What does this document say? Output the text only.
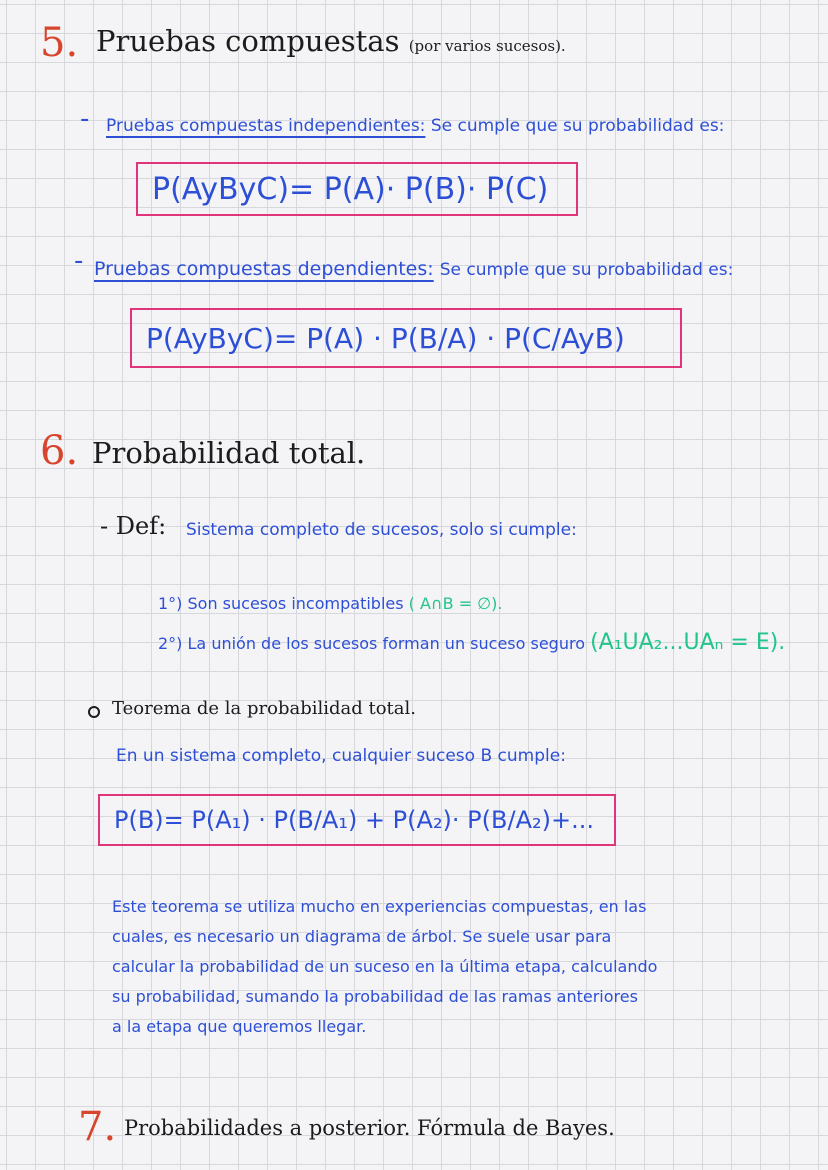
5. Pruebas compuestas (por varios sucesos).
- Pruebas compuestas independientes: Se cumple que su probabilidad es:
P(AyByC)= P(A)· P(B)· P(C)
- Pruebas compuestas dependientes: Se cumple que su probabilidad es:
P(AyByC)= P(A) · P(B/A) · P(C/AyB)
6. Probabilidad total.
- Def: Sistema completo de sucesos, solo si cumple:
1°) Son sucesos incompatibles ( A∩B = ∅).
2°) La unión de los sucesos forman un suceso seguro (A₁UA₂...UAₙ = E).
Teorema de la probabilidad total.
En un sistema completo, cualquier suceso B cumple:
P(B)= P(A₁) · P(B/A₁) + P(A₂)· P(B/A₂)+...
Este teorema se utiliza mucho en experiencias compuestas, en las
cuales, es necesario un diagrama de árbol. Se suele usar para
calcular la probabilidad de un suceso en la última etapa, calculando
su probabilidad, sumando la probabilidad de las ramas anteriores
a la etapa que queremos llegar.
7. Probabilidades a posterior. Fórmula de Bayes.
